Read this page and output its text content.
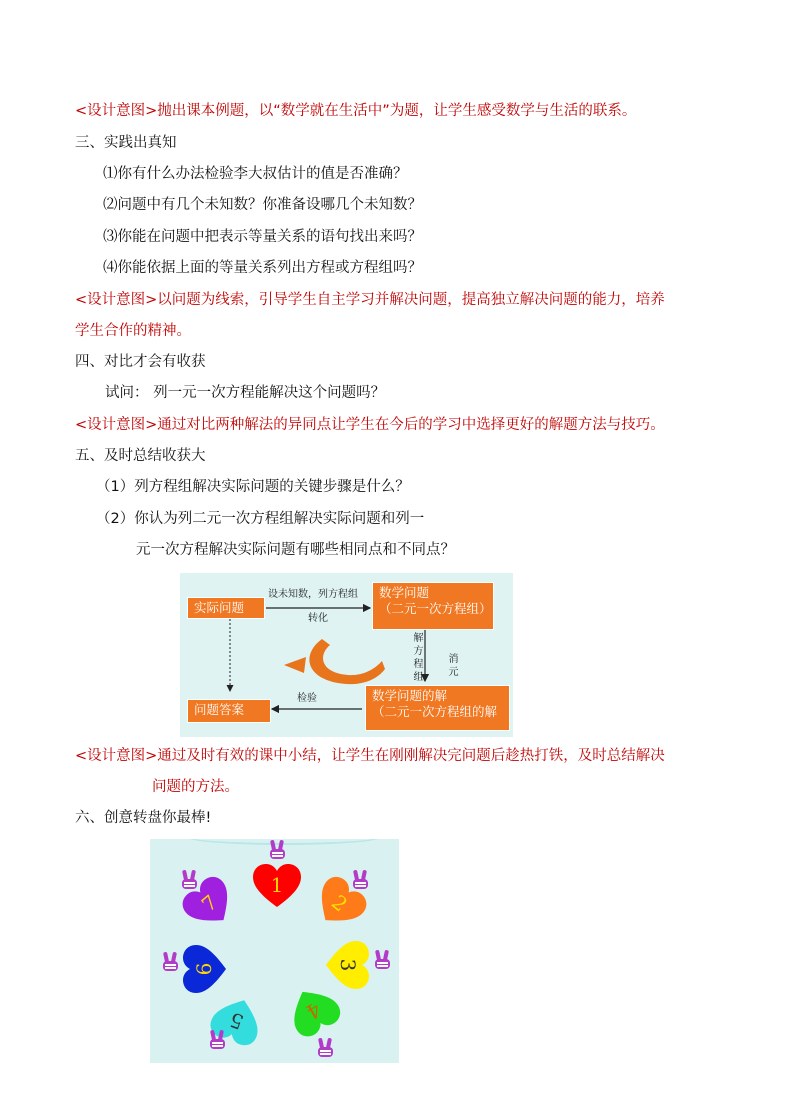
<设计意图>抛出课本例题，以“数学就在生活中”为题，让学生感受数学与生活的联系。
三、实践出真知
⑴你有什么办法检验李大叔估计的值是否准确？
⑵问题中有几个未知数？你准备设哪几个未知数？
⑶你能在问题中把表示等量关系的语句找出来吗？
⑷你能依据上面的等量关系列出方程或方程组吗？
<设计意图>以问题为线索，引导学生自主学习并解决问题，提高独立解决问题的能力，培养
学生合作的精神。
四、对比才会有收获
试问： 列一元一次方程能解决这个问题吗？
<设计意图>通过对比两种解法的异同点让学生在今后的学习中选择更好的解题方法与技巧。
五、及时总结收获大
（1）列方程组解决实际问题的关键步骤是什么？
（2）你认为列二元一次方程组解决实际问题和列一
元一次方程解决实际问题有哪些相同点和不同点？
实际问题
数学问题
（二元一次方程组）
数学问题的解
（二元一次方程组的解
问题答案
设未知数，列方程组
转化
解方程组
消元
检验
<设计意图>通过及时有效的课中小结，让学生在刚刚解决完问题后趁热打铁，及时总结解决
问题的方法。
六、创意转盘你最棒!
1
2
3
4
5
6
7
